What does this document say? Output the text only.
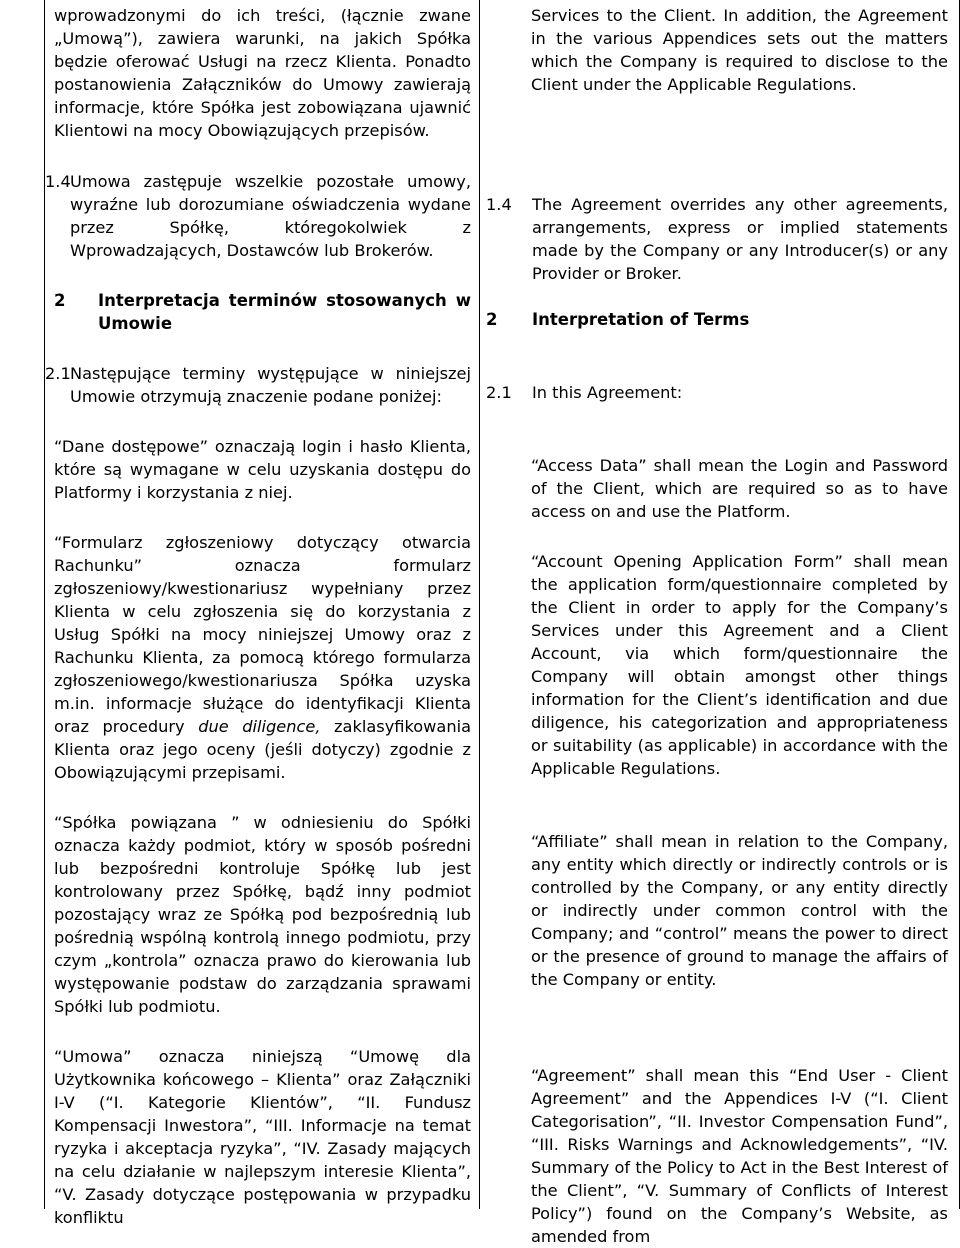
wprowadzonymi do ich treści, (łącznie zwane „Umową”), zawiera warunki, na jakich Spółka będzie oferować Usługi na rzecz Klienta. Ponadto postanowienia Załączników do Umowy zawierają informacje, które Spółka jest zobowiązana ujawnić Klientowi na mocy Obowiązujących przepisów.

1.4 Umowa zastępuje wszelkie pozostałe umowy, wyraźne lub dorozumiane oświadczenia wydane przez Spółkę, któregokolwiek z Wprowadzających, Dostawców lub Brokerów.
2	Interpretacja terminów stosowanych w Umowie
2.1 Następujące terminy występujące w niniejszej Umowie otrzymują znaczenie podane poniżej:

“Dane dostępowe” oznaczają login i hasło Klienta, które są wymagane w celu uzyskania dostępu do Platformy i korzystania z niej.

“Formularz zgłoszeniowy dotyczący otwarcia Rachunku” oznacza formularz zgłoszeniowy/kwestionariusz wypełniany przez Klienta w celu zgłoszenia się do korzystania z Usług Spółki na mocy niniejszej Umowy oraz z Rachunku Klienta, za pomocą którego formularza zgłoszeniowego/kwestionariusza Spółka uzyska m.in. informacje służące do identyfikacji Klienta oraz procedury due diligence, zaklasyfikowania Klienta oraz jego oceny (jeśli dotyczy) zgodnie z Obowiązującymi przepisami.

“Spółka powiązana ” w odniesieniu do Spółki oznacza każdy podmiot, który w sposób pośredni lub bezpośredni kontroluje Spółkę lub jest kontrolowany przez Spółkę, bądź inny podmiot pozostający wraz ze Spółką pod bezpośrednią lub pośrednią wspólną kontrolą innego podmiotu, przy czym „kontrola” oznacza prawo do kierowania lub występowanie podstaw do zarządzania sprawami Spółki lub podmiotu.

“Umowa” oznacza niniejszą “Umowę dla Użytkownika końcowego – Klienta” oraz Załączniki I-V (“I. Kategorie Klientów”, “II. Fundusz Kompensacji Inwestora”, “III. Informacje na temat ryzyka i akceptacja ryzyka”, “IV. Zasady mających na celu działanie w najlepszym interesie Klienta”, “V. Zasady dotyczące postępowania w przypadku konfliktu

Services to the Client. In addition, the Agreement in the various Appendices sets out the matters which the Company is required to disclose to the Client under the Applicable Regulations.

1.4	The Agreement overrides any other agreements, arrangements, express or implied statements made by the Company or any Introducer(s) or any Provider or Broker.
2	Interpretation of Terms
2.1	In this Agreement:

“Access Data” shall mean the Login and Password of the Client, which are required so as to have access on and use the Platform.

“Account Opening Application Form” shall mean the application form/questionnaire completed by the Client in order to apply for the Company’s Services under this Agreement and a Client Account, via which form/questionnaire the Company will obtain amongst other things information for the Client’s identification and due diligence, his categorization and appropriateness or suitability (as applicable) in accordance with the Applicable Regulations.

“Affiliate” shall mean in relation to the Company, any entity which directly or indirectly controls or is controlled by the Company, or any entity directly or indirectly under common control with the Company; and “control” means the power to direct or the presence of ground to manage the affairs of the Company or entity.

“Agreement” shall mean this “End User - Client Agreement” and the Appendices I-V (“I. Client Categorisation”, “II. Investor Compensation Fund”, “III. Risks Warnings and Acknowledgements”, “IV. Summary of the Policy to Act in the Best Interest of the Client”, “V. Summary of Conflicts of Interest Policy”) found on the Company’s Website, as amended from
